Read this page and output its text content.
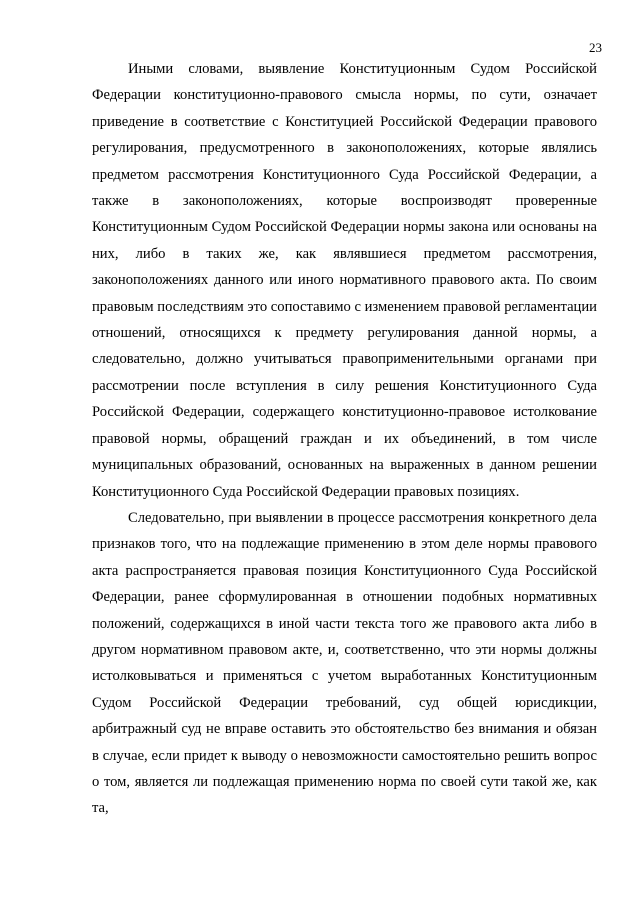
23

Иными словами, выявление Конституционным Судом Российской Федерации конституционно-правового смысла нормы, по сути, означает приведение в соответствие с Конституцией Российской Федерации правового регулирования, предусмотренного в законоположениях, которые являлись предметом рассмотрения Конституционного Суда Российской Федерации, а также в законоположениях, которые воспроизводят проверенные Конституционным Судом Российской Федерации нормы закона или основаны на них, либо в таких же, как являвшиеся предметом рассмотрения, законоположениях данного или иного нормативного правового акта. По своим правовым последствиям это сопоставимо с изменением правовой регламентации отношений, относящихся к предмету регулирования данной нормы, а следовательно, должно учитываться правоприменительными органами при рассмотрении после вступления в силу решения Конституционного Суда Российской Федерации, содержащего конституционно-правовое истолкование правовой нормы, обращений граждан и их объединений, в том числе муниципальных образований, основанных на выраженных в данном решении Конституционного Суда Российской Федерации правовых позициях.

Следовательно, при выявлении в процессе рассмотрения конкретного дела признаков того, что на подлежащие применению в этом деле нормы правового акта распространяется правовая позиция Конституционного Суда Российской Федерации, ранее сформулированная в отношении подобных нормативных положений, содержащихся в иной части текста того же правового акта либо в другом нормативном правовом акте, и, соответственно, что эти нормы должны истолковываться и применяться с учетом выработанных Конституционным Судом Российской Федерации требований, суд общей юрисдикции, арбитражный суд не вправе оставить это обстоятельство без внимания и обязан в случае, если придет к выводу о невозможности самостоятельно решить вопрос о том, является ли подлежащая применению норма по своей сути такой же, как та,
